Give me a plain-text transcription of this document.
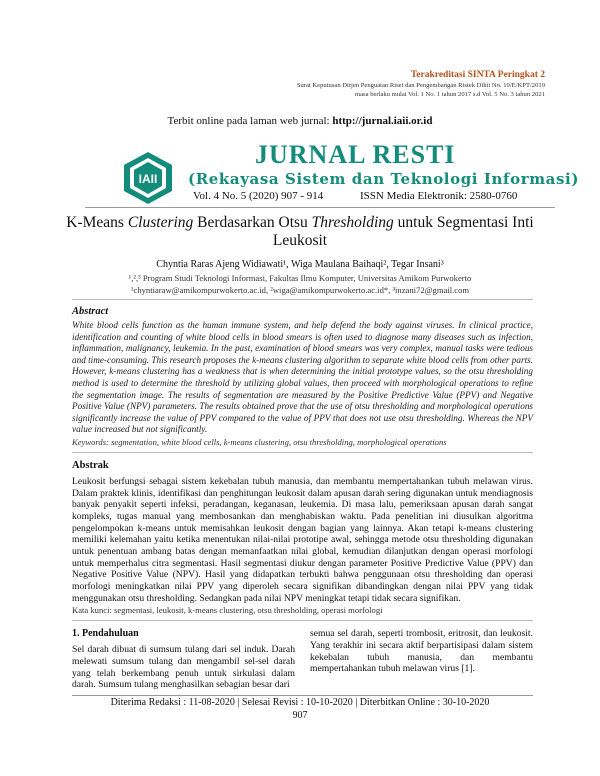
Terakreditasi SINTA Peringkat 2
Surat Keputusan Dirjen Penguatan Riset dan Pengembangan Ristek Dikti No. 10/E/KPT/2019
masa berlaku mulai Vol. 1 No. 1 tahun 2017 s.d Vol. 5 No. 3 tahun 2021
Terbit online pada laman web jurnal: http://jurnal.iaii.or.id
IAII
JURNAL RESTI
(Rekayasa Sistem dan Teknologi Informasi)
Vol. 4 No. 5 (2020) 907 - 914	ISSN Media Elektronik: 2580-0760
K-Means Clustering Berdasarkan Otsu Thresholding untuk Segmentasi Inti Leukosit
Chyntia Raras Ajeng Widiawati¹, Wiga Maulana Baihaqi², Tegar Insani³
¹,²,³ Program Studi Teknologi Informasi, Fakultas Ilmu Komputer, Universitas Amikom Purwokerto
¹chyntiaraw@amikompurwokerto.ac.id, ²wiga@amikompurwokerto.ac.id*, ³inzani72@gmail.com
Abstract
White blood cells function as the human immune system, and help defend the body against viruses. In clinical practice, identification and counting of white blood cells in blood smears is often used to diagnose many diseases such as infection, inflammation, malignancy, leukemia. In the past, examination of blood smears was very complex, manual tasks were tedious and time-consuming. This research proposes the k-means clustering algorithm to separate white blood cells from other parts. However, k-means clustering has a weakness that is when determining the initial prototype values, so the otsu thresholding method is used to determine the threshold by utilizing global values, then proceed with morphological operations to refine the segmentation image. The results of segmentation are measured by the Positive Predictive Value (PPV) and Negative Positive Value (NPV) parameters. The results obtained prove that the use of otsu thresholding and morphological operations significantly increase the value of PPV compared to the value of PPV that does not use otsu thresholding. Whereas the NPV value increased but not significantly.
Keywords: segmentation, white blood cells, k-means clustering, otsu thresholding, morphological operations
Abstrak
Leukosit berfungsi sebagai sistem kekebalan tubuh manusia, dan membantu mempertahankan tubuh melawan virus. Dalam praktek klinis, identifikasi dan penghitungan leukosit dalam apusan darah sering digunakan untuk mendiagnosis banyak penyakit seperti infeksi, peradangan, keganasan, leukemia. Di masa lalu, pemeriksaan apusan darah sangat kompleks, tugas manual yang membosankan dan menghabiskan waktu. Pada penelitian ini diusulkan algoritma pengelompokan k-means untuk memisahkan leukosit dengan bagian yang lainnya. Akan tetapi k-means clustering memiliki kelemahan yaitu ketika menentukan nilai-nilai prototipe awal, sehingga metode otsu thresholding digunakan untuk penentuan ambang batas dengan memanfaatkan nilai global, kemudian dilanjutkan dengan operasi morfologi untuk memperhalus citra segmentasi. Hasil segmentasi diukur dengan parameter Positive Predictive Value (PPV) dan Negative Positive Value (NPV). Hasil yang didapatkan terbukti bahwa penggunaan otsu thresholding dan operasi morfologi meningkatkan nilai PPV yang diperoleh secara signifikan dibandingkan dengan nilai PPV yang tidak menggunakan otsu thresholding. Sedangkan pada nilai NPV meningkat tetapi tidak secara signifikan.
Kata kunci: segmentasi, leukosit, k-means clustering, otsu thresholding, operasi morfologi
1. Pendahuluan
Sel darah dibuat di sumsum tulang dari sel induk. Darah melewati sumsum tulang dan mengambil sel-sel darah yang telah berkembang penuh untuk sirkulasi dalam darah. Sumsum tulang menghasilkan sebagian besar dari
semua sel darah, seperti trombosit, eritrosit, dan leukosit. Yang terakhir ini secara aktif berpartisipasi dalam sistem kekebalan tubuh manusia, dan membantu mempertahankan tubuh melawan virus [1].
Diterima Redaksi : 11-08-2020 | Selesai Revisi : 10-10-2020 | Diterbitkan Online : 30-10-2020
907
